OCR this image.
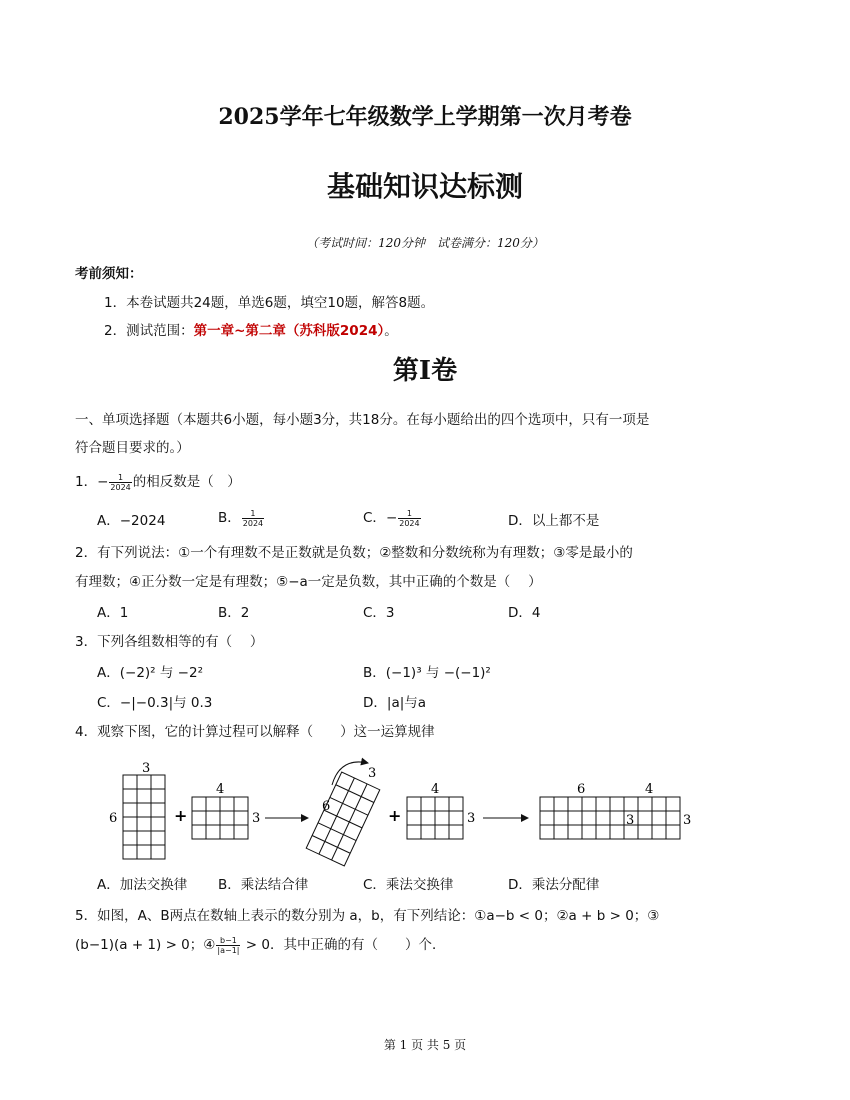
2025学年七年级数学上学期第一次月考卷
基础知识达标测
（考试时间：120分钟　试卷满分：120分）
考前须知：
1．本卷试题共24题，单选6题，填空10题，解答8题。
2．测试范围：第一章~第二章（苏科版2024）。
第Ⅰ卷
一、单项选择题（本题共6小题，每小题3分，共18分。在每小题给出的四个选项中，只有一项是
符合题目要求的。）
1．− $\frac{1}{2024}$ 的相反数是（　）
A．−2024	B． $\frac{1}{2024}$	C．− $\frac{1}{2024}$	D．以上都不是
2．有下列说法：①一个有理数不是正数就是负数；②整数和分数统称为有理数；③零是最小的
有理数；④正分数一定是有理数；⑤−a一定是负数，其中正确的个数是（　 ）
A．1	B．2	C．3	D．4
3．下列各组数相等的有（　 ）
A．(−2)² 与 −2²	B．(−1)³ 与 −(−1)²
C．−|−0.3|与 0.3	D．|a|与a
4．观察下图，它的计算过程可以解释（　　）这一运算规律
3
6	+
4
3
3
6	+
4
3
6	4
3	3
A．加法交换律 B．乘法结合律	C．乘法交换律	D．乘法分配律
5．如图，A、B两点在数轴上表示的数分别为 a，b，有下列结论：①a−b < 0；②a + b > 0；③
(b−1)(a + 1) > 0；④ $\frac{b-1}{|a-1|} > 0$．其中正确的有（　　）个．
第 1 页 共 5 页
